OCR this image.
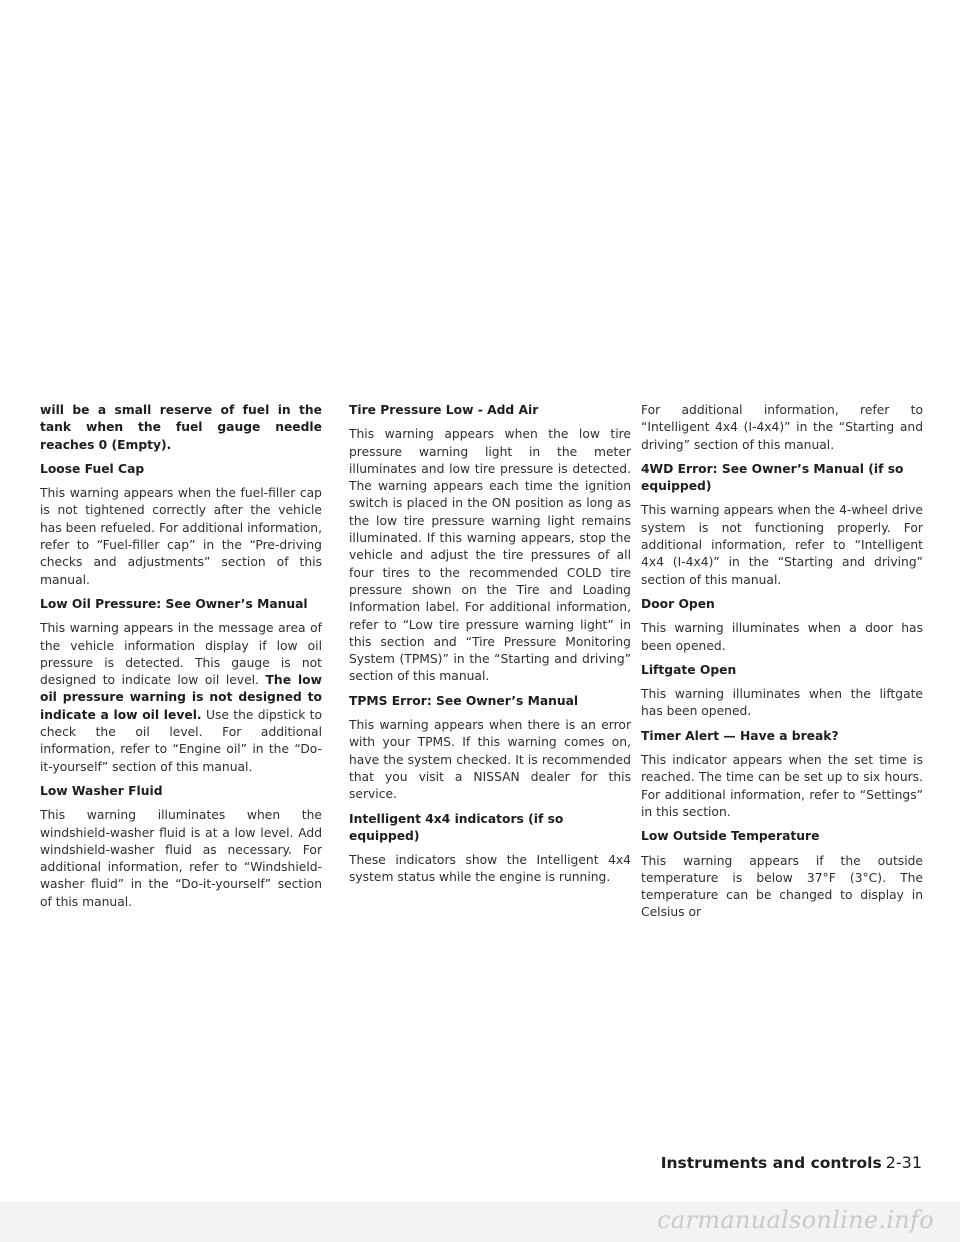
will be a small reserve of fuel in the tank when the fuel gauge needle reaches 0 (Empty).

Loose Fuel Cap

This warning appears when the fuel-filler cap is not tightened correctly after the vehicle has been refueled. For additional information, refer to “Fuel-filler cap” in the “Pre-driving checks and adjustments” section of this manual.

Low Oil Pressure: See Owner’s Manual

This warning appears in the message area of the vehicle information display if low oil pressure is detected. This gauge is not designed to indicate low oil level. The low oil pressure warning is not designed to indicate a low oil level. Use the dipstick to check the oil level. For additional information, refer to “Engine oil” in the “Do-it-yourself” section of this manual.

Low Washer Fluid

This warning illuminates when the windshield-washer fluid is at a low level. Add windshield-washer fluid as necessary. For additional information, refer to “Windshield-washer fluid” in the “Do-it-yourself” section of this manual.

Tire Pressure Low - Add Air

This warning appears when the low tire pressure warning light in the meter illuminates and low tire pressure is detected. The warning appears each time the ignition switch is placed in the ON position as long as the low tire pressure warning light remains illuminated. If this warning appears, stop the vehicle and adjust the tire pressures of all four tires to the recommended COLD tire pressure shown on the Tire and Loading Information label. For additional information, refer to “Low tire pressure warning light” in this section and “Tire Pressure Monitoring System (TPMS)” in the “Starting and driving” section of this manual.

TPMS Error: See Owner’s Manual

This warning appears when there is an error with your TPMS. If this warning comes on, have the system checked. It is recommended that you visit a NISSAN dealer for this service.

Intelligent 4x4 indicators (if so equipped)

These indicators show the Intelligent 4x4 system status while the engine is running.

For additional information, refer to “Intelligent 4x4 (I-4x4)” in the “Starting and driving” section of this manual.

4WD Error: See Owner’s Manual (if so equipped)

This warning appears when the 4-wheel drive system is not functioning properly. For additional information, refer to “Intelligent 4x4 (I-4x4)” in the “Starting and driving” section of this manual.

Door Open

This warning illuminates when a door has been opened.

Liftgate Open

This warning illuminates when the liftgate has been opened.

Timer Alert — Have a break?

This indicator appears when the set time is reached. The time can be set up to six hours. For additional information, refer to “Settings” in this section.

Low Outside Temperature

This warning appears if the outside temperature is below 37°F (3°C). The temperature can be changed to display in Celsius or

Instruments and controls 2-31
carmanualsonline.info
